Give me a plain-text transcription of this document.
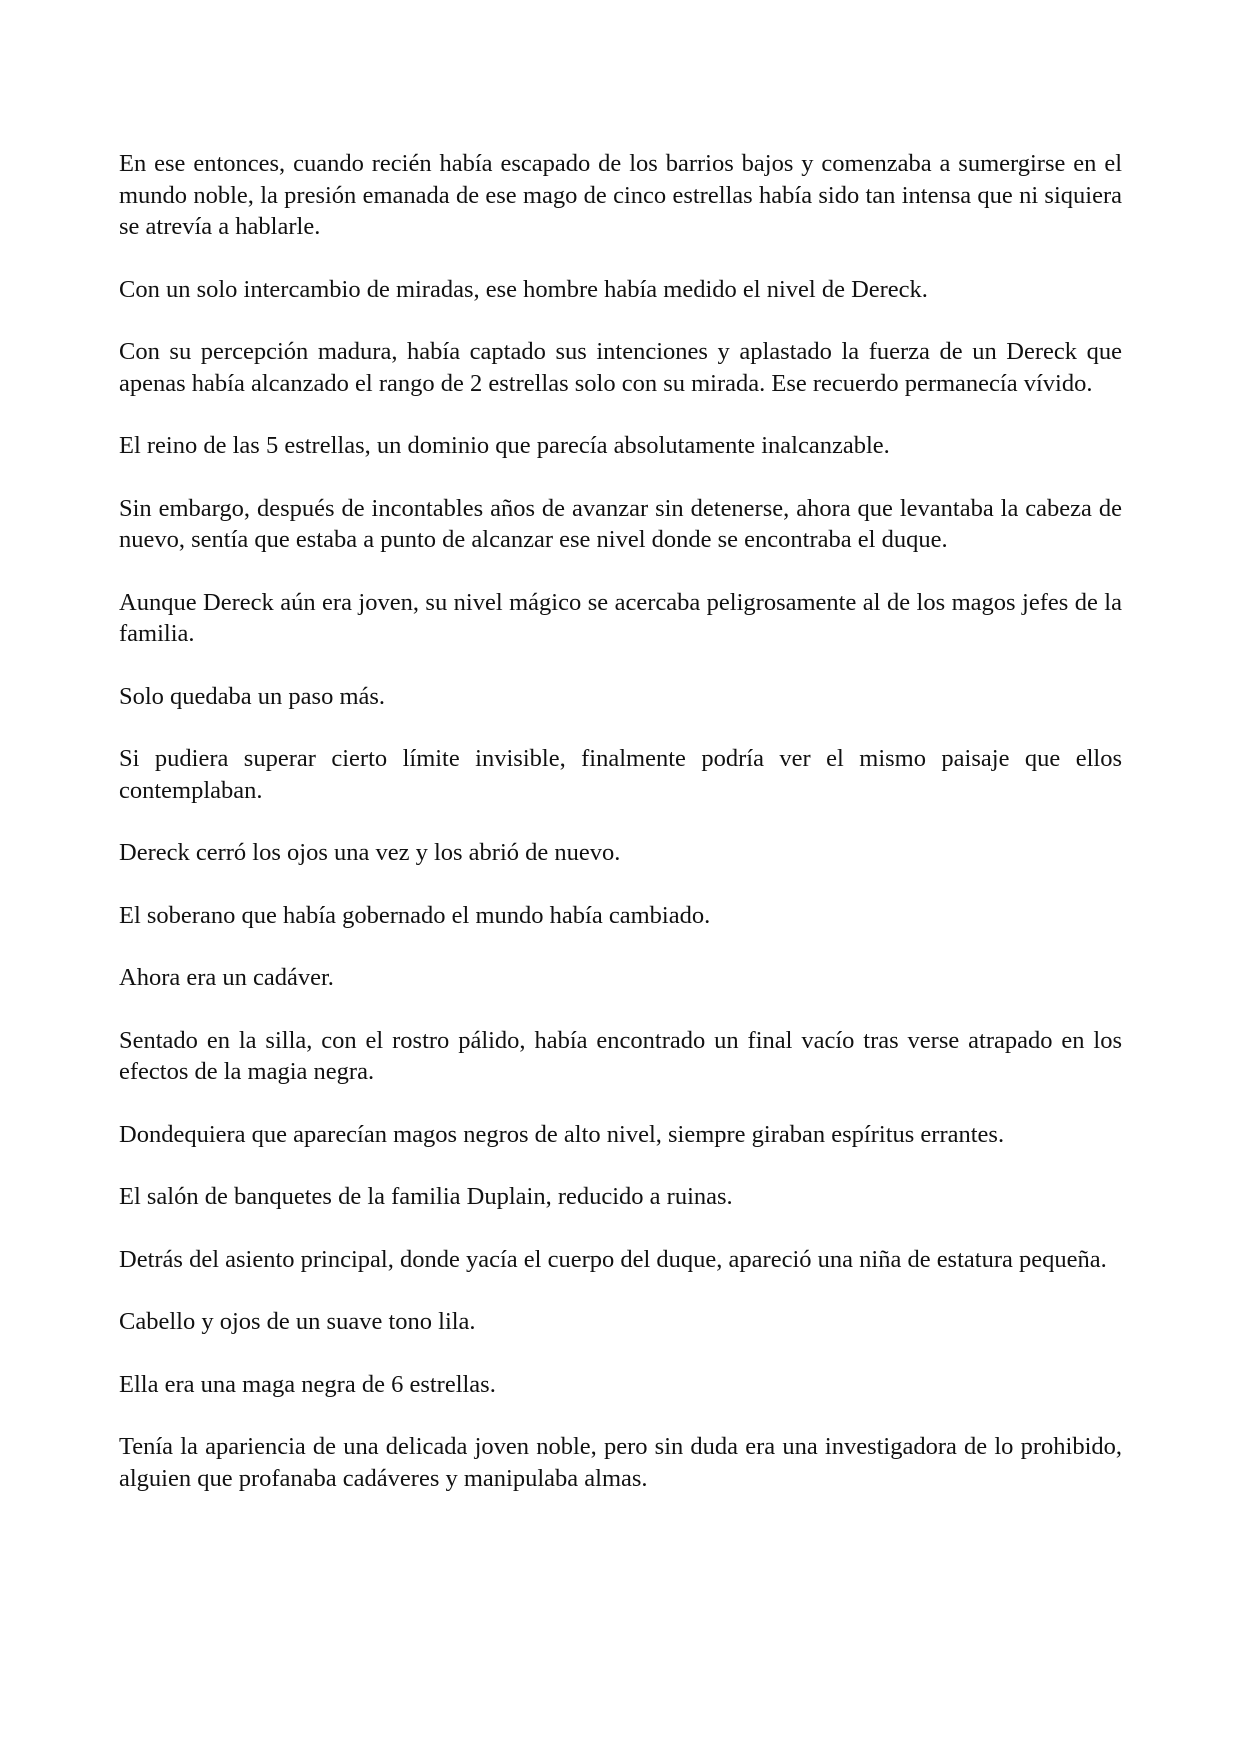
En ese entonces, cuando recién había escapado de los barrios bajos y comenzaba a sumergirse en el mundo noble, la presión emanada de ese mago de cinco estrellas había sido tan intensa que ni siquiera se atrevía a hablarle.

Con un solo intercambio de miradas, ese hombre había medido el nivel de Dereck.

Con su percepción madura, había captado sus intenciones y aplastado la fuerza de un Dereck que apenas había alcanzado el rango de 2 estrellas solo con su mirada. Ese recuerdo permanecía vívido.

El reino de las 5 estrellas, un dominio que parecía absolutamente inalcanzable.

Sin embargo, después de incontables años de avanzar sin detenerse, ahora que levantaba la cabeza de nuevo, sentía que estaba a punto de alcanzar ese nivel donde se encontraba el duque.

Aunque Dereck aún era joven, su nivel mágico se acercaba peligrosamente al de los magos jefes de la familia.

Solo quedaba un paso más.

Si pudiera superar cierto límite invisible, finalmente podría ver el mismo paisaje que ellos contemplaban.

Dereck cerró los ojos una vez y los abrió de nuevo.

El soberano que había gobernado el mundo había cambiado.

Ahora era un cadáver.

Sentado en la silla, con el rostro pálido, había encontrado un final vacío tras verse atrapado en los efectos de la magia negra.

Dondequiera que aparecían magos negros de alto nivel, siempre giraban espíritus errantes.

El salón de banquetes de la familia Duplain, reducido a ruinas.

Detrás del asiento principal, donde yacía el cuerpo del duque, apareció una niña de estatura pequeña.

Cabello y ojos de un suave tono lila.

Ella era una maga negra de 6 estrellas.

Tenía la apariencia de una delicada joven noble, pero sin duda era una investigadora de lo prohibido, alguien que profanaba cadáveres y manipulaba almas.
